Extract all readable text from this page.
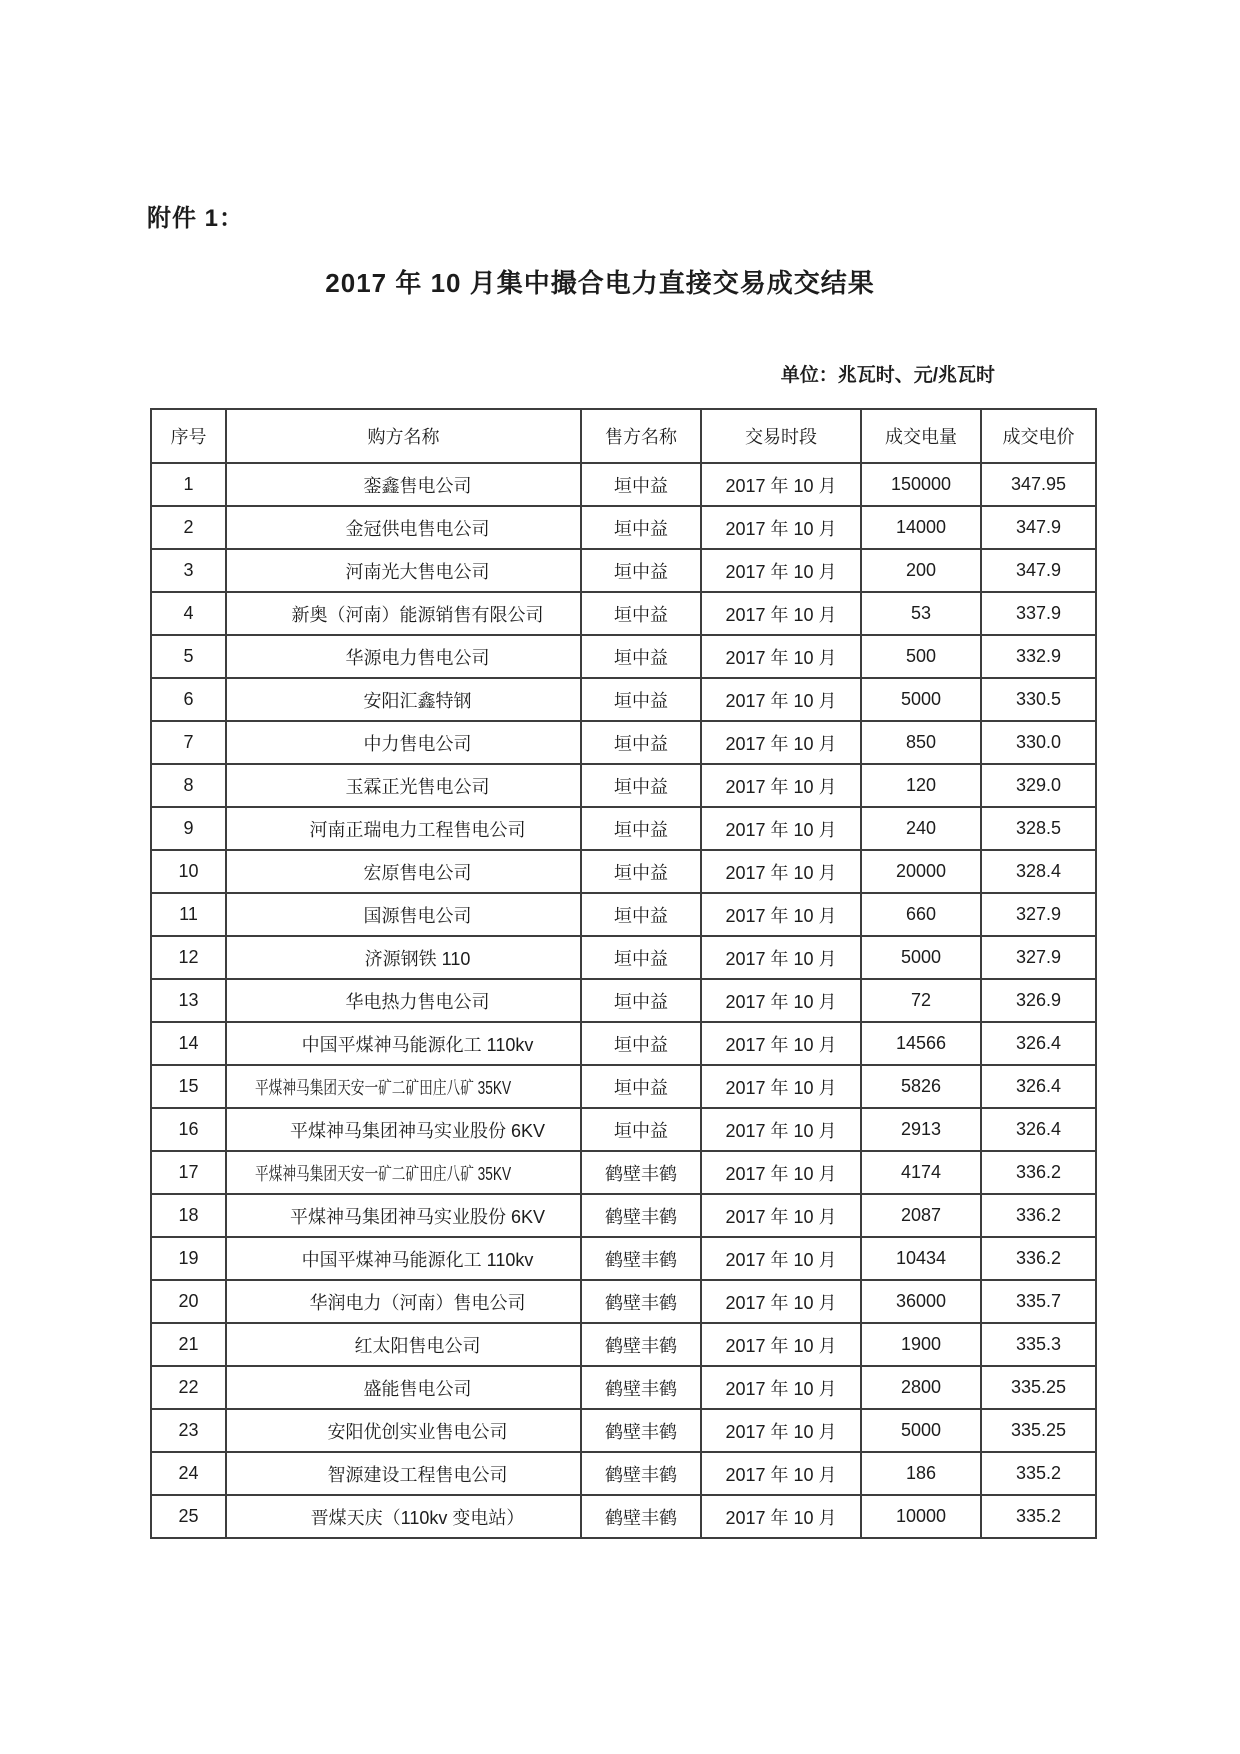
附件 1：
2017 年 10 月集中撮合电力直接交易成交结果
单位：兆瓦时、元/兆瓦时
序号	购方名称	售方名称	交易时段	成交电量	成交电价
1	銮鑫售电公司	垣中益	2017 年 10 月	150000	347.95
2	金冠供电售电公司	垣中益	2017 年 10 月	14000	347.9
3	河南光大售电公司	垣中益	2017 年 10 月	200	347.9
4	新奥（河南）能源销售有限公司	垣中益	2017 年 10 月	53	337.9
5	华源电力售电公司	垣中益	2017 年 10 月	500	332.9
6	安阳汇鑫特钢	垣中益	2017 年 10 月	5000	330.5
7	中力售电公司	垣中益	2017 年 10 月	850	330.0
8	玉霖正光售电公司	垣中益	2017 年 10 月	120	329.0
9	河南正瑞电力工程售电公司	垣中益	2017 年 10 月	240	328.5
10	宏原售电公司	垣中益	2017 年 10 月	20000	328.4
11	国源售电公司	垣中益	2017 年 10 月	660	327.9
12	济源钢铁 110	垣中益	2017 年 10 月	5000	327.9
13	华电热力售电公司	垣中益	2017 年 10 月	72	326.9
14	中国平煤神马能源化工 110kv	垣中益	2017 年 10 月	14566	326.4
15	平煤神马集团天安一矿二矿田庄八矿 35KV	垣中益	2017 年 10 月	5826	326.4
16	平煤神马集团神马实业股份 6KV	垣中益	2017 年 10 月	2913	326.4
17	平煤神马集团天安一矿二矿田庄八矿 35KV	鹤壁丰鹤	2017 年 10 月	4174	336.2
18	平煤神马集团神马实业股份 6KV	鹤壁丰鹤	2017 年 10 月	2087	336.2
19	中国平煤神马能源化工 110kv	鹤壁丰鹤	2017 年 10 月	10434	336.2
20	华润电力（河南）售电公司	鹤壁丰鹤	2017 年 10 月	36000	335.7
21	红太阳售电公司	鹤壁丰鹤	2017 年 10 月	1900	335.3
22	盛能售电公司	鹤壁丰鹤	2017 年 10 月	2800	335.25
23	安阳优创实业售电公司	鹤壁丰鹤	2017 年 10 月	5000	335.25
24	智源建设工程售电公司	鹤壁丰鹤	2017 年 10 月	186	335.2
25	晋煤天庆（110kv 变电站）	鹤壁丰鹤	2017 年 10 月	10000	335.2
